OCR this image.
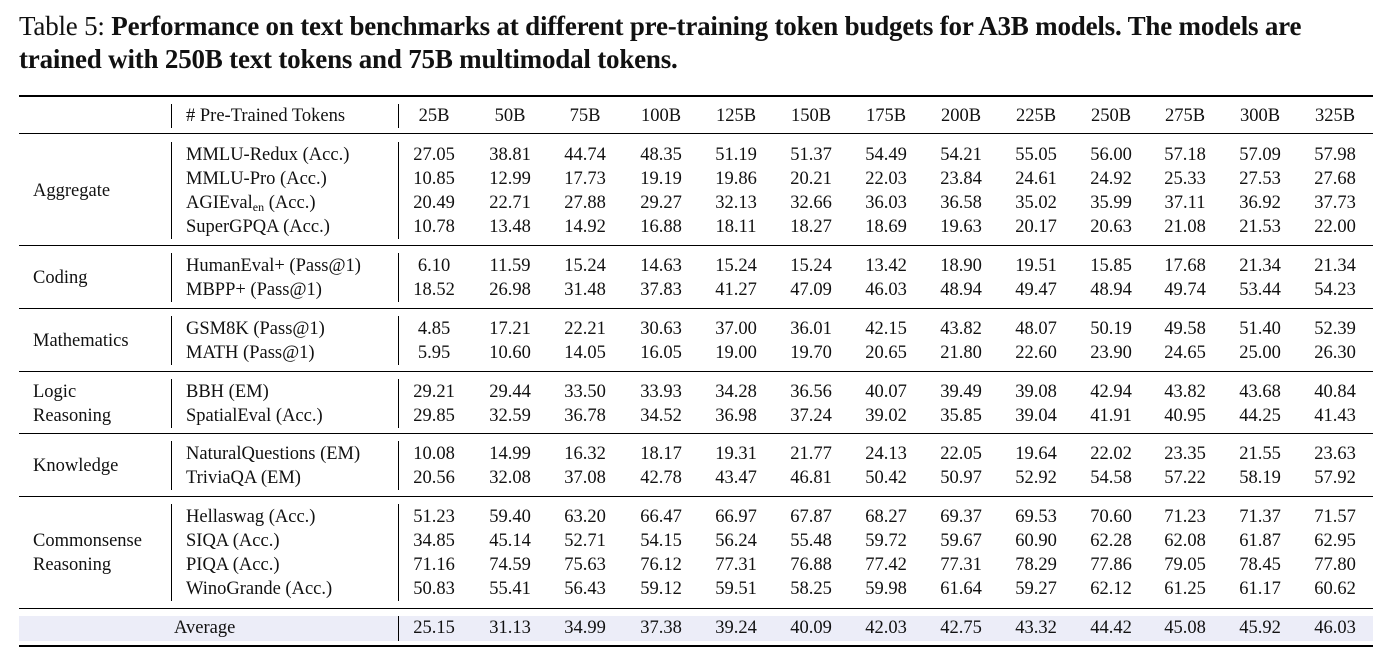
Table 5: Performance on text benchmarks at different pre-training token budgets for A3B models. The models are trained with 250B text tokens and 75B multimodal tokens.
# Pre-Trained Tokens	25B 50B 75B 100B 125B 150B 175B 200B 225B 250B 275B 300B 325B
Aggregate
MMLU-Redux (Acc.)	27.05 38.81 44.74 48.35 51.19 51.37 54.49 54.21 55.05 56.00 57.18 57.09 57.98
MMLU-Pro (Acc.)	10.85 12.99 17.73 19.19 19.86 20.21 22.03 23.84 24.61 24.92 25.33 27.53 27.68
AGIEval$_{en}$ (Acc.)	20.49 22.71 27.88 29.27 32.13 32.66 36.03 36.58 35.02 35.99 37.11 36.92 37.73
SuperGPQA (Acc.)	10.78 13.48 14.92 16.88 18.11 18.27 18.69 19.63 20.17 20.63 21.08 21.53 22.00
Coding
HumanEval+ (Pass@1)	6.10 11.59 15.24 14.63 15.24 15.24 13.42 18.90 19.51 15.85 17.68 21.34 21.34
MBPP+ (Pass@1)	18.52 26.98 31.48 37.83 41.27 47.09 46.03 48.94 49.47 48.94 49.74 53.44 54.23
Mathematics
GSM8K (Pass@1)	4.85 17.21 22.21 30.63 37.00 36.01 42.15 43.82 48.07 50.19 49.58 51.40 52.39
MATH (Pass@1)	5.95 10.60 14.05 16.05 19.00 19.70 20.65 21.80 22.60 23.90 24.65 25.00 26.30
Logic
Reasoning
BBH (EM)	29.21 29.44 33.50 33.93 34.28 36.56 40.07 39.49 39.08 42.94 43.82 43.68 40.84
SpatialEval (Acc.)	29.85 32.59 36.78 34.52 36.98 37.24 39.02 35.85 39.04 41.91 40.95 44.25 41.43
Knowledge
NaturalQuestions (EM)	10.08 14.99 16.32 18.17 19.31 21.77 24.13 22.05 19.64 22.02 23.35 21.55 23.63
TriviaQA (EM)	20.56 32.08 37.08 42.78 43.47 46.81 50.42 50.97 52.92 54.58 57.22 58.19 57.92
Commonsense
Reasoning
Hellaswag (Acc.)	51.23 59.40 63.20 66.47 66.97 67.87 68.27 69.37 69.53 70.60 71.23 71.37 71.57
SIQA (Acc.)	34.85 45.14 52.71 54.15 56.24 55.48 59.72 59.67 60.90 62.28 62.08 61.87 62.95
PIQA (Acc.)	71.16 74.59 75.63 76.12 77.31 76.88 77.42 77.31 78.29 77.86 79.05 78.45 77.80
WinoGrande (Acc.)	50.83 55.41 56.43 59.12 59.51 58.25 59.98 61.64 59.27 62.12 61.25 61.17 60.62
Average	25.15 31.13 34.99 37.38 39.24 40.09 42.03 42.75 43.32 44.42 45.08 45.92 46.03
